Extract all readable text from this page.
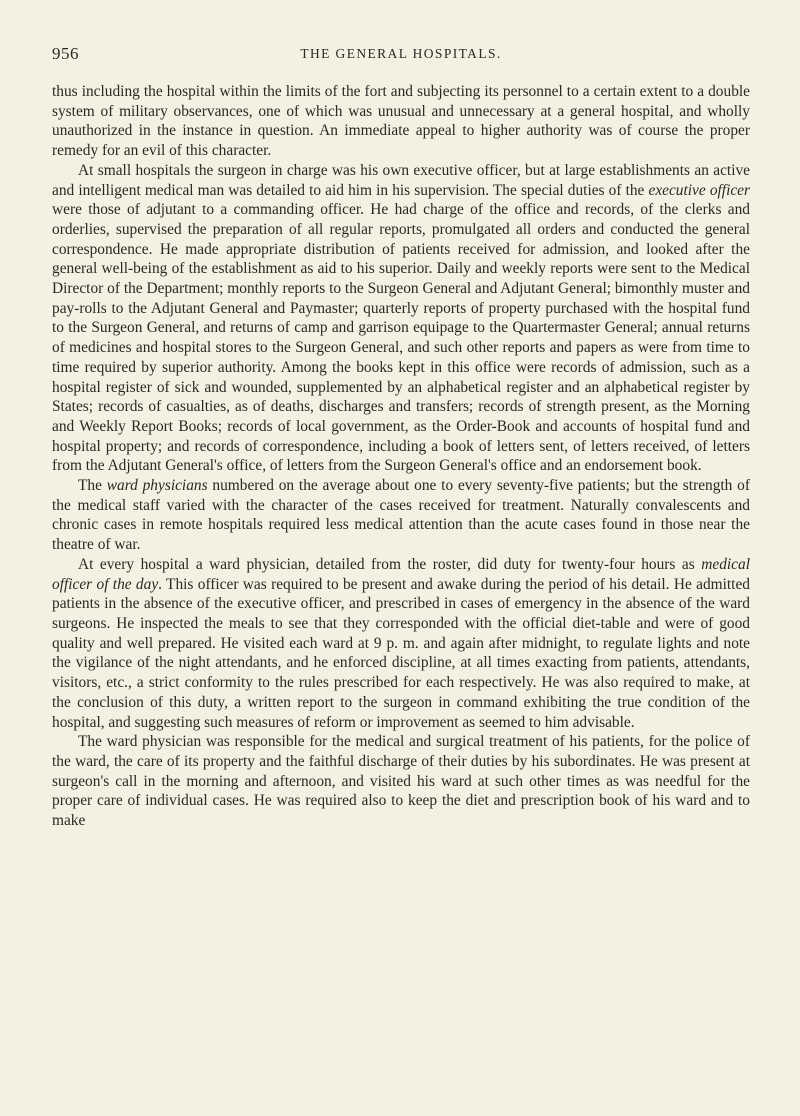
956	THE GENERAL HOSPITALS.

thus including the hospital within the limits of the fort and subjecting its personnel to a certain extent to a double system of military observances, one of which was unusual and unnecessary at a general hospital, and wholly unauthorized in the instance in question. An immediate appeal to higher authority was of course the proper remedy for an evil of this character.

At small hospitals the surgeon in charge was his own executive officer, but at large establishments an active and intelligent medical man was detailed to aid him in his supervision. The special duties of the executive officer were those of adjutant to a commanding officer. He had charge of the office and records, of the clerks and orderlies, supervised the preparation of all regular reports, promulgated all orders and conducted the general correspondence. He made appropriate distribution of patients received for admission, and looked after the general well-being of the establishment as aid to his superior. Daily and weekly reports were sent to the Medical Director of the Department; monthly reports to the Surgeon General and Adjutant General; bimonthly muster and pay-rolls to the Adjutant General and Paymaster; quarterly reports of property purchased with the hospital fund to the Surgeon General, and returns of camp and garrison equipage to the Quartermaster General; annual returns of medicines and hospital stores to the Surgeon General, and such other reports and papers as were from time to time required by superior authority. Among the books kept in this office were records of admission, such as a hospital register of sick and wounded, supplemented by an alphabetical register and an alphabetical register by States; records of casualties, as of deaths, discharges and transfers; records of strength present, as the Morning and Weekly Report Books; records of local government, as the Order-Book and accounts of hospital fund and hospital property; and records of correspondence, including a book of letters sent, of letters received, of letters from the Adjutant General's office, of letters from the Surgeon General's office and an endorsement book.

The ward physicians numbered on the average about one to every seventy-five patients; but the strength of the medical staff varied with the character of the cases received for treatment. Naturally convalescents and chronic cases in remote hospitals required less medical attention than the acute cases found in those near the theatre of war.

At every hospital a ward physician, detailed from the roster, did duty for twenty-four hours as medical officer of the day. This officer was required to be present and awake during the period of his detail. He admitted patients in the absence of the executive officer, and prescribed in cases of emergency in the absence of the ward surgeons. He inspected the meals to see that they corresponded with the official diet-table and were of good quality and well prepared. He visited each ward at 9 p. m. and again after midnight, to regulate lights and note the vigilance of the night attendants, and he enforced discipline, at all times exacting from patients, attendants, visitors, etc., a strict conformity to the rules prescribed for each respectively. He was also required to make, at the conclusion of this duty, a written report to the surgeon in command exhibiting the true condition of the hospital, and suggesting such measures of reform or improvement as seemed to him advisable.

The ward physician was responsible for the medical and surgical treatment of his patients, for the police of the ward, the care of its property and the faithful discharge of their duties by his subordinates. He was present at surgeon's call in the morning and afternoon, and visited his ward at such other times as was needful for the proper care of individual cases. He was required also to keep the diet and prescription book of his ward and to make
